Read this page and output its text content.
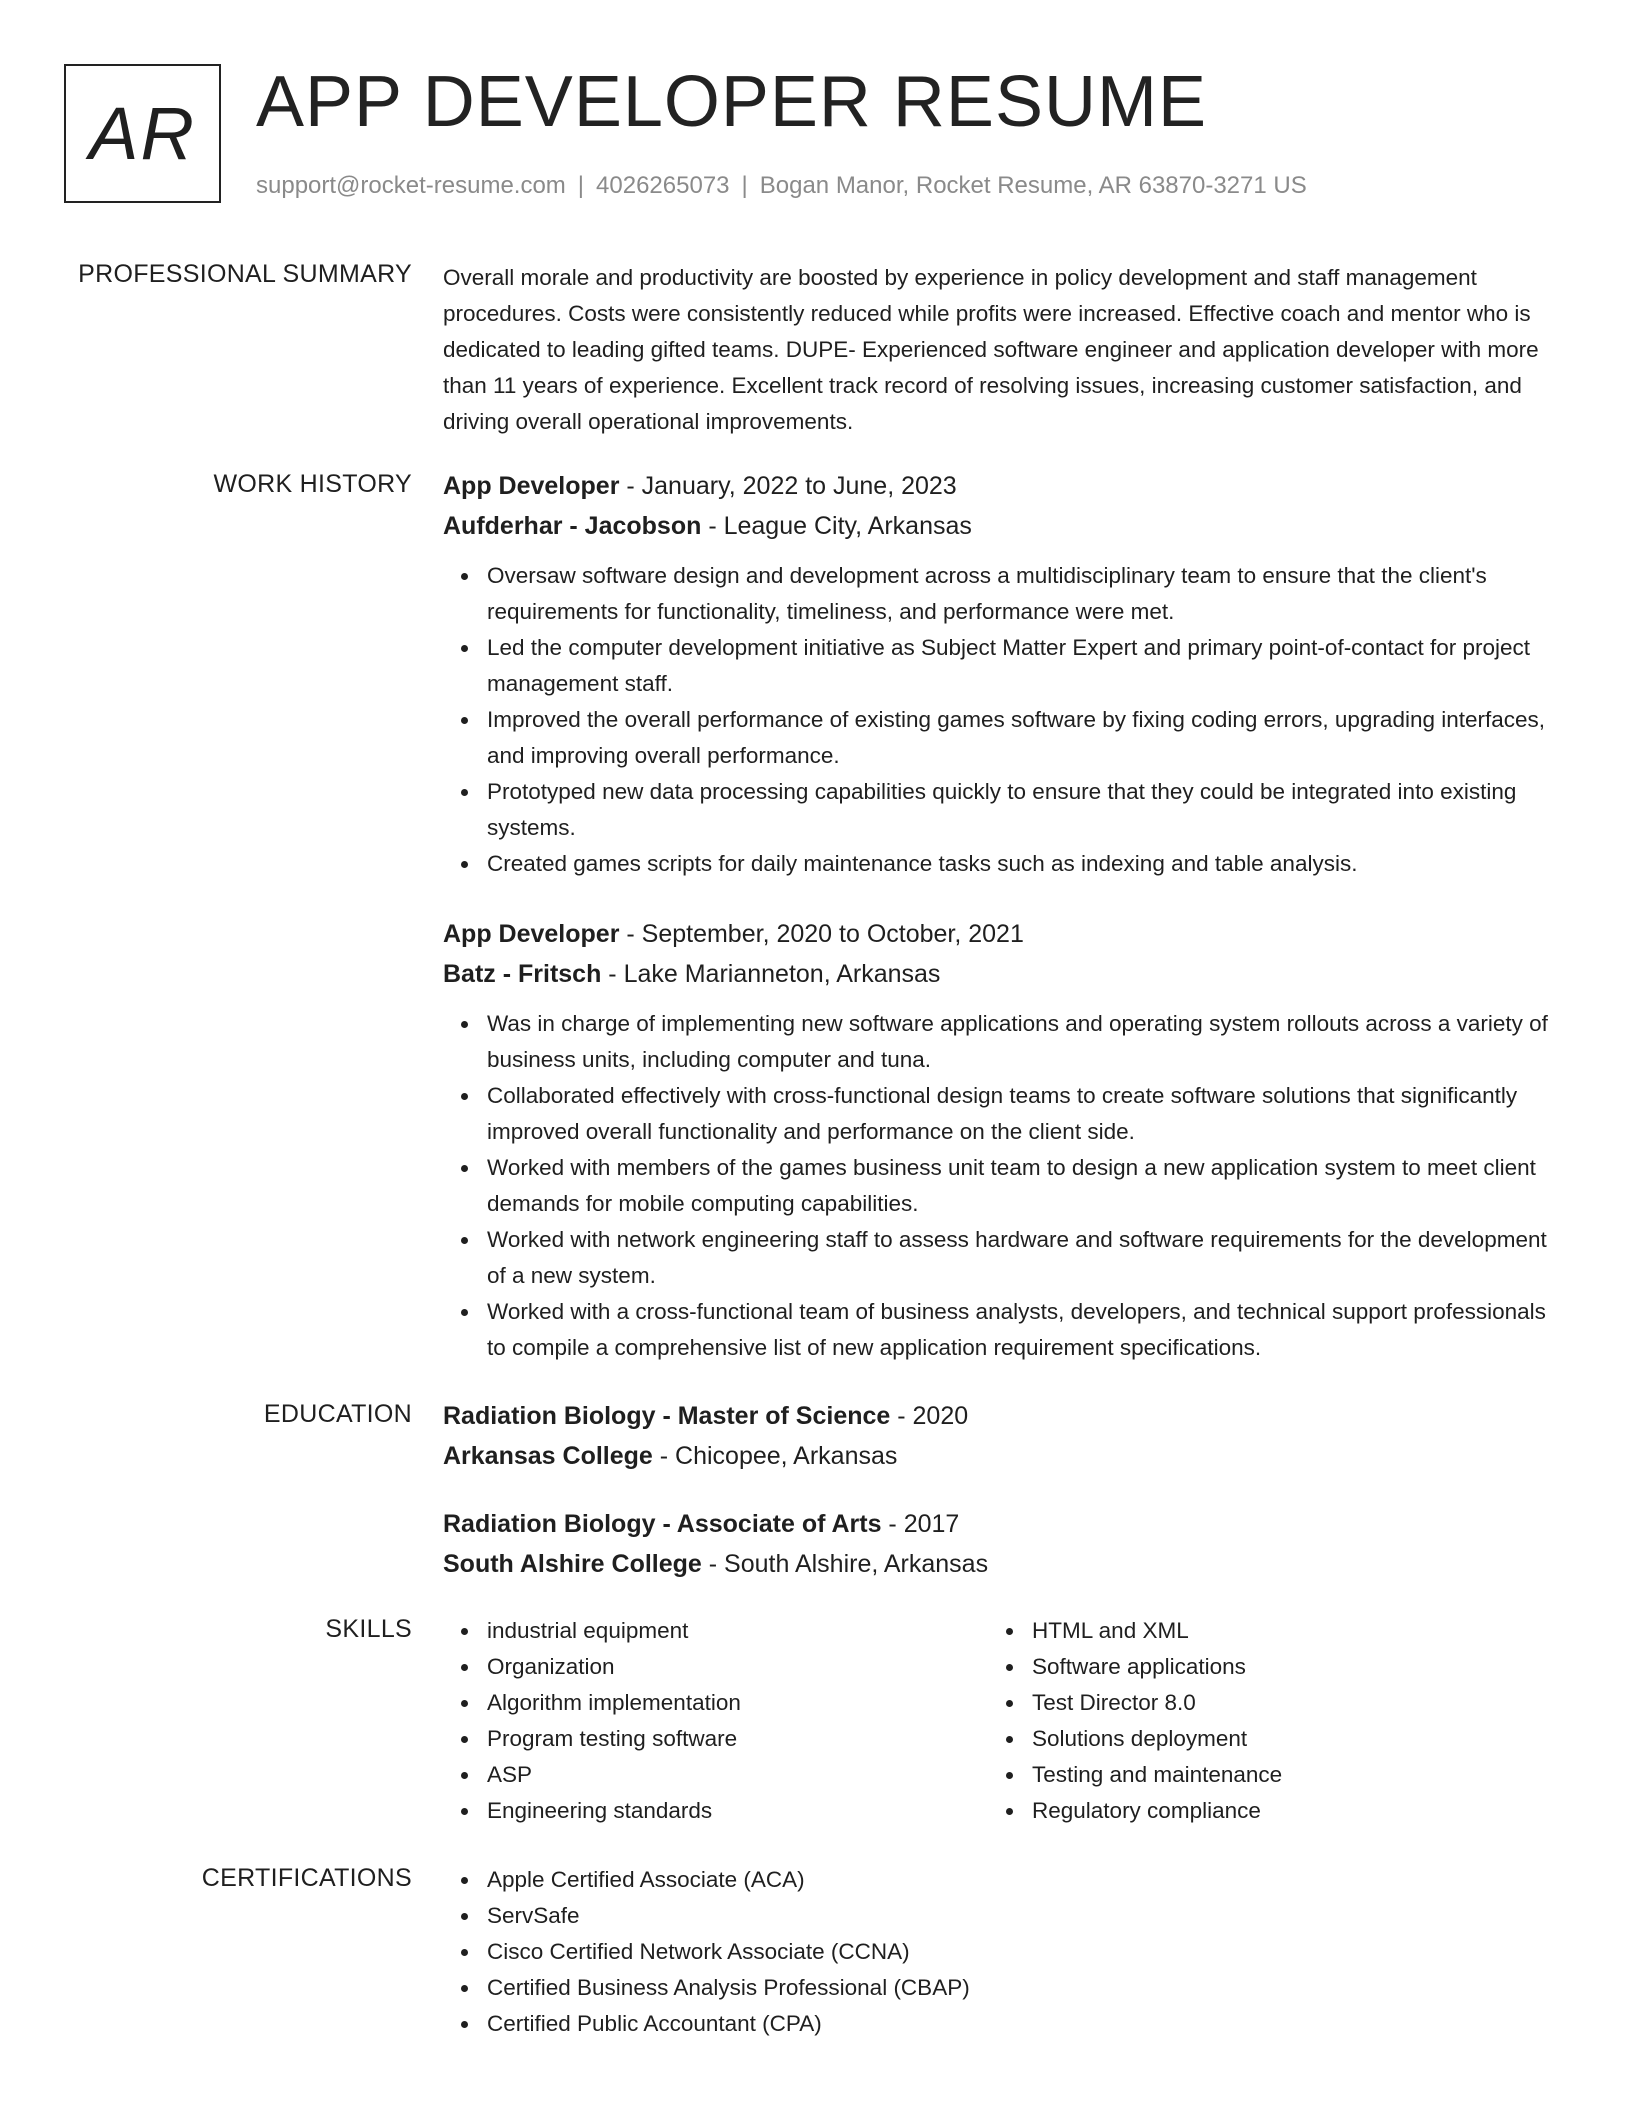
AR APP DEVELOPER RESUME
support@rocket-resume.com | 4026265073 | Bogan Manor, Rocket Resume, AR 63870-3271 US
PROFESSIONAL SUMMARY Overall morale and productivity are boosted by experience in policy development and staff management procedures. Costs were consistently reduced while profits were increased. Effective coach and mentor who is dedicated to leading gifted teams. DUPE- Experienced software engineer and application developer with more than 11 years of experience. Excellent track record of resolving issues, increasing customer satisfaction, and driving overall operational improvements.

WORK HISTORY App Developer - January, 2022 to June, 2023
Aufderhar - Jacobson - League City, Arkansas
Oversaw software design and development across a multidisciplinary team to ensure that the client's requirements for functionality, timeliness, and performance were met.
Led the computer development initiative as Subject Matter Expert and primary point-of-contact for project management staff.
Improved the overall performance of existing games software by fixing coding errors, upgrading interfaces, and improving overall performance.
Prototyped new data processing capabilities quickly to ensure that they could be integrated into existing systems.
Created games scripts for daily maintenance tasks such as indexing and table analysis.
App Developer - September, 2020 to October, 2021
Batz - Fritsch - Lake Marianneton, Arkansas
Was in charge of implementing new software applications and operating system rollouts across a variety of business units, including computer and tuna.
Collaborated effectively with cross-functional design teams to create software solutions that significantly improved overall functionality and performance on the client side.
Worked with members of the games business unit team to design a new application system to meet client demands for mobile computing capabilities.
Worked with network engineering staff to assess hardware and software requirements for the development of a new system.
Worked with a cross-functional team of business analysts, developers, and technical support professionals to compile a comprehensive list of new application requirement specifications.
EDUCATION Radiation Biology - Master of Science - 2020
Arkansas College - Chicopee, Arkansas
Radiation Biology - Associate of Arts - 2017
South Alshire College - South Alshire, Arkansas
SKILLS	industrial equipment
Organization
Algorithm implementation
Program testing software
ASP
Engineering standards
HTML and XML
Software applications
Test Director 8.0
Solutions deployment
Testing and maintenance
Regulatory compliance
CERTIFICATIONS	Apple Certified Associate (ACA)
ServSafe
Cisco Certified Network Associate (CCNA)
Certified Business Analysis Professional (CBAP)
Certified Public Accountant (CPA)
